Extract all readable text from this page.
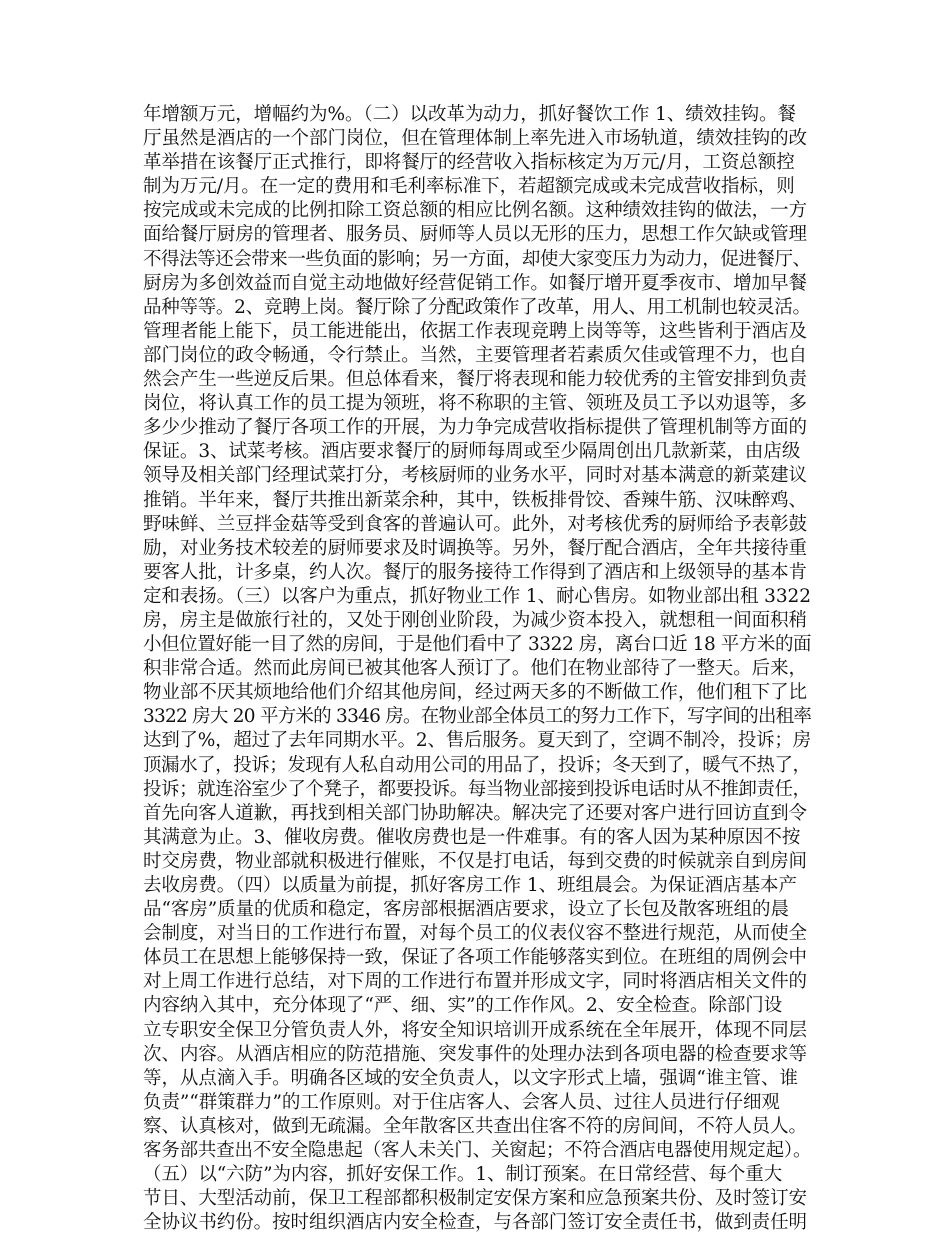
年增额万元，增幅约为%。（二）以改革为动力，抓好餐饮工作 1、绩效挂钩。餐
厅虽然是酒店的一个部门岗位，但在管理体制上率先进入市场轨道，绩效挂钩的改
革举措在该餐厅正式推行，即将餐厅的经营收入指标核定为万元/月，工资总额控
制为万元/月。在一定的费用和毛利率标准下，若超额完成或未完成营收指标，则
按完成或未完成的比例扣除工资总额的相应比例名额。这种绩效挂钩的做法，一方
面给餐厅厨房的管理者、服务员、厨师等人员以无形的压力，思想工作欠缺或管理
不得法等还会带来一些负面的影响；另一方面，却使大家变压力为动力，促进餐厅、
厨房为多创效益而自觉主动地做好经营促销工作。如餐厅增开夏季夜市、增加早餐
品种等等。2、竞聘上岗。餐厅除了分配政策作了改革，用人、用工机制也较灵活。
管理者能上能下，员工能进能出，依据工作表现竞聘上岗等等，这些皆利于酒店及
部门岗位的政令畅通，令行禁止。当然，主要管理者若素质欠佳或管理不力，也自
然会产生一些逆反后果。但总体看来，餐厅将表现和能力较优秀的主管安排到负责
岗位，将认真工作的员工提为领班，将不称职的主管、领班及员工予以劝退等，多
多少少推动了餐厅各项工作的开展，为力争完成营收指标提供了管理机制等方面的
保证。3、试菜考核。酒店要求餐厅的厨师每周或至少隔周创出几款新菜，由店级
领导及相关部门经理试菜打分，考核厨师的业务水平，同时对基本满意的新菜建议
推销。半年来，餐厅共推出新菜余种，其中，铁板排骨饺、香辣牛筋、汉味醉鸡、
野味鲜、兰豆拌金菇等受到食客的普遍认可。此外，对考核优秀的厨师给予表彰鼓
励，对业务技术较差的厨师要求及时调换等。另外，餐厅配合酒店，全年共接待重
要客人批，计多桌，约人次。餐厅的服务接待工作得到了酒店和上级领导的基本肯
定和表扬。（三）以客户为重点，抓好物业工作 1、耐心售房。如物业部出租 3322
房，房主是做旅行社的，又处于刚创业阶段，为减少资本投入，就想租一间面积稍
小但位置好能一目了然的房间，于是他们看中了 3322 房，离台口近 18 平方米的面
积非常合适。然而此房间已被其他客人预订了。他们在物业部待了一整天。后来，
物业部不厌其烦地给他们介绍其他房间，经过两天多的不断做工作，他们租下了比
3322 房大 20 平方米的 3346 房。在物业部全体员工的努力工作下，写字间的出租率
达到了%，超过了去年同期水平。2、售后服务。夏天到了，空调不制冷，投诉；房
顶漏水了，投诉；发现有人私自动用公司的用品了，投诉；冬天到了，暖气不热了，
投诉；就连浴室少了个凳子，都要投诉。每当物业部接到投诉电话时从不推卸责任，
首先向客人道歉，再找到相关部门协助解决。解决完了还要对客户进行回访直到令
其满意为止。3、催收房费。催收房费也是一件难事。有的客人因为某种原因不按
时交房费，物业部就积极进行催账，不仅是打电话，每到交费的时候就亲自到房间
去收房费。（四）以质量为前提，抓好客房工作 1、班组晨会。为保证酒店基本产
品“客房”质量的优质和稳定，客房部根据酒店要求，设立了长包及散客班组的晨
会制度，对当日的工作进行布置，对每个员工的仪表仪容不整进行规范，从而使全
体员工在思想上能够保持一致，保证了各项工作能够落实到位。在班组的周例会中
对上周工作进行总结，对下周的工作进行布置并形成文字，同时将酒店相关文件的
内容纳入其中，充分体现了“严、细、实”的工作作风。2、安全检查。除部门设
立专职安全保卫分管负责人外，将安全知识培训开成系统在全年展开，体现不同层
次、内容。从酒店相应的防范措施、突发事件的处理办法到各项电器的检查要求等
等，从点滴入手。明确各区域的安全负责人，以文字形式上墙，强调“谁主管、谁
负责”“群策群力”的工作原则。对于住店客人、会客人员、过往人员进行仔细观
察、认真核对，做到无疏漏。全年散客区共查出住客不符的房间间，不符人员人。
客务部共查出不安全隐患起（客人未关门、关窗起；不符合酒店电器使用规定起）。
（五）以“六防”为内容，抓好安保工作。1、制订预案。在日常经营、每个重大
节日、大型活动前，保卫工程部都积极制定安保方案和应急预案共份、及时签订安
全协议书约份。按时组织酒店内安全检查，与各部门签订安全责任书，做到责任明
